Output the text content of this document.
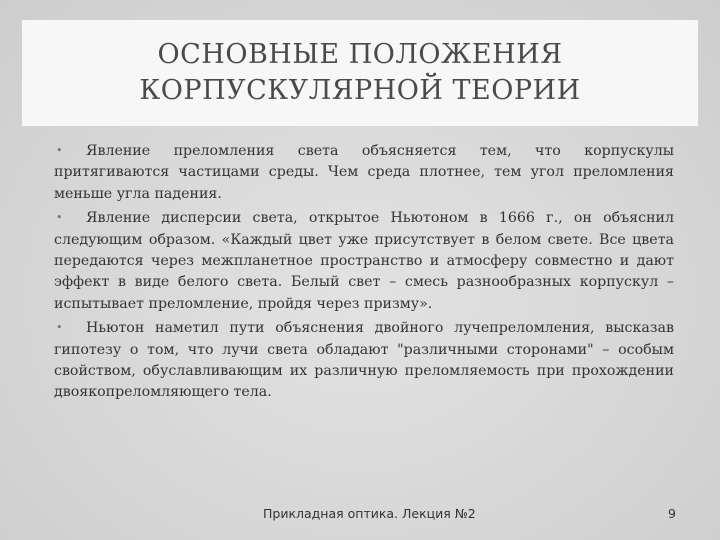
ОСНОВНЫЕ ПОЛОЖЕНИЯ
КОРПУСКУЛЯРНОЙ ТЕОРИИ

• Явление преломления света объясняется тем, что корпускулы притягиваются частицами среды. Чем среда плотнее, тем угол преломления меньше угла падения.

• Явление дисперсии света, открытое Ньютоном в 1666 г., он объяснил следующим образом. «Каждый цвет уже присутствует в белом свете. Все цвета передаются через межпланетное пространство и атмосферу совместно и дают эффект в виде белого света. Белый свет – смесь разнообразных корпускул – испытывает преломление, пройдя через призму».

• Ньютон наметил пути объяснения двойного лучепреломления, высказав гипотезу о том, что лучи света обладают "различными сторонами" – особым свойством, обуславливающим их различную преломляемость при прохождении двоякопреломляющего тела.

Прикладная оптика. Лекция №2	9
